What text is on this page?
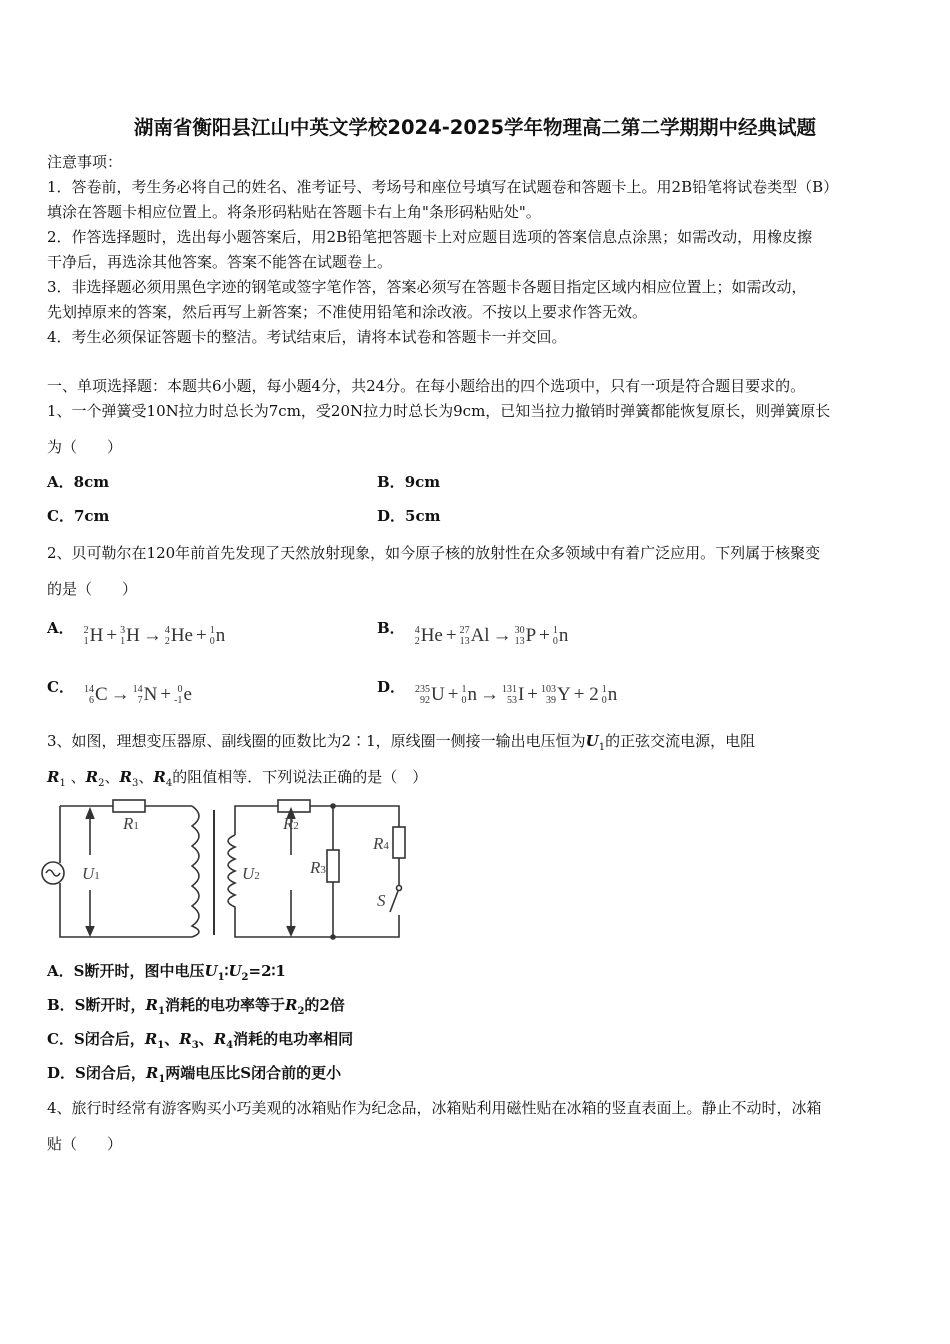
湖南省衡阳县江山中英文学校2024-2025学年物理高二第二学期期中经典试题
注意事项：
1．答卷前，考生务必将自己的姓名、准考证号、考场号和座位号填写在试题卷和答题卡上。用2B铅笔将试卷类型（B）
填涂在答题卡相应位置上。将条形码粘贴在答题卡右上角"条形码粘贴处"。
2．作答选择题时，选出每小题答案后，用2B铅笔把答题卡上对应题目选项的答案信息点涂黑；如需改动，用橡皮擦
干净后，再选涂其他答案。答案不能答在试题卷上。
3．非选择题必须用黑色字迹的钢笔或签字笔作答，答案必须写在答题卡各题目指定区域内相应位置上；如需改动，
先划掉原来的答案，然后再写上新答案；不准使用铅笔和涂改液。不按以上要求作答无效。
4．考生必须保证答题卡的整洁。考试结束后，请将本试卷和答题卡一并交回。
一、单项选择题：本题共6小题，每小题4分，共24分。在每小题给出的四个选项中，只有一项是符合题目要求的。
1、一个弹簧受10N拉力时总长为7cm，受20N拉力时总长为9cm，已知当拉力撤销时弹簧都能恢复原长，则弹簧原长
为（　　）
A．8cm	B．9cm
C．7cm	D．5cm
2、贝可勒尔在120年前首先发现了天然放射现象，如今原子核的放射性在众多领域中有着广泛应用。下列属于核聚变
的是（　　）
A． 2
1 H + 3
1 H → 4
2 He + 1
0 n	B． 4
2 He + 27
13 Al → 30
13 P + 1
0 n
C． 14
6 C → 14
7 N + 0
-1 e	D． 235
92 U + 1
0 n → 131
53 I + 103
39 Y + 2 1
0 n
3、如图，理想变压器原、副线圈的匝数比为2∶1，原线圈一侧接一输出电压恒为$U_1$的正弦交流电源，电阻
$R_1$ 、$R_2$、$R_3$、$R_4$的阻值相等．下列说法正确的是（　）
R1
U1
R2
U2	R3
R4
S
A．S断开时，图中电压$U_1∶U_2=2∶1$
B．S断开时，$R_1$消耗的电功率等于$R_2$的2倍
C．S闭合后，$R_1$、$R_3$、$R_4$消耗的电功率相同
D．S闭合后，$R_1$两端电压比S闭合前的更小
4、旅行时经常有游客购买小巧美观的冰箱贴作为纪念品，冰箱贴利用磁性贴在冰箱的竖直表面上。静止不动时，冰箱
贴（　　）
